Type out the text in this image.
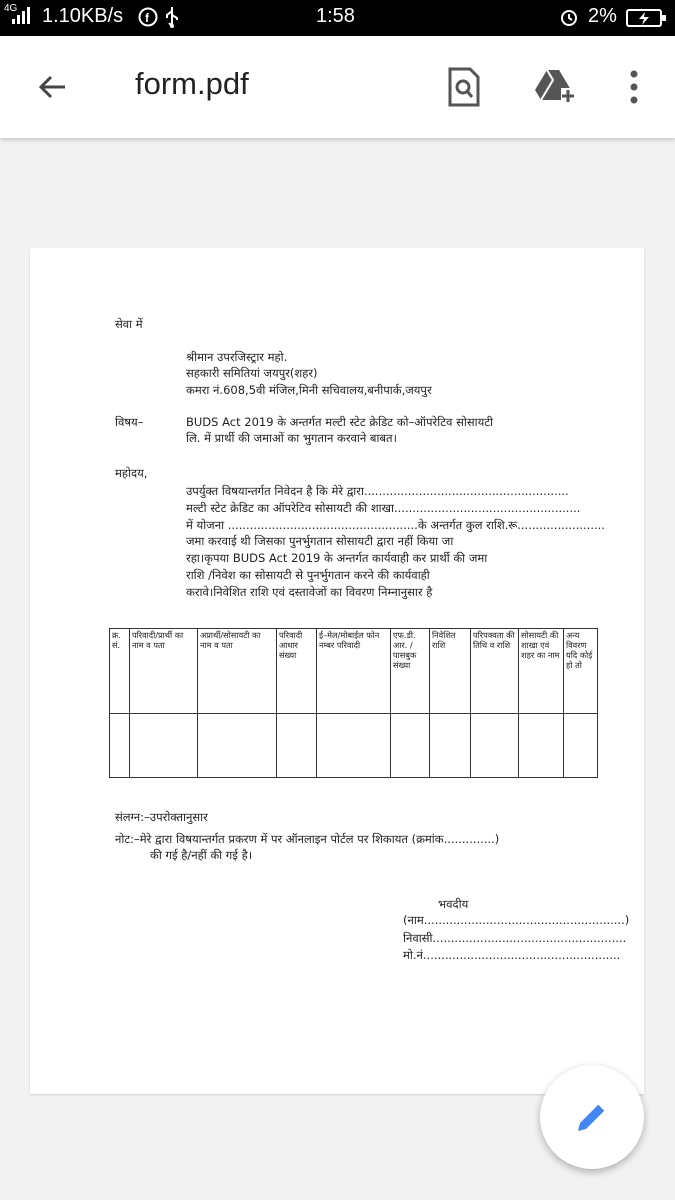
4G 1.10KB/s f	1:58	2%
form.pdf
सेवा में
श्रीमान उपरजिस्ट्रार महो.
सहकारी समितियां जयपुर(शहर)
कमरा नं.608,5वी मंजिल,मिनी सचिवालय,बनीपार्क,जयपुर
विषय–	BUDS Act 2019 के अन्तर्गत मल्टी स्टेट क्रेडिट को–ऑपरेटिव सोसायटी
लि. में प्रार्थी की जमाओं का भुगतान करवाने बाबत।
महोदय,
उपर्युक्त विषयान्तर्गत निवेदन है कि मेरे द्वारा........................................................
मल्टी स्टेट क्रेडिट का ऑपरेटिव सोसायटी की शाखा...................................................
में योजना ....................................................के अन्तर्गत कुल राशि.रू........................
जमा करवाई थी जिसका पुनर्भुगतान सोसायटी द्वारा नहीं किया जा
रहा।कृपया BUDS Act 2019 के अन्तर्गत कार्यवाही कर प्रार्थी की जमा
राशि /निवेश का सोसायटी से पुनर्भुगतान करने की कार्यवाही
करावे।निवेशित राशि एवं दस्तावेजों का विवरण निम्नानुसार है
क्र. सं.	परिवादी/प्रार्थी का नाम व पता	अप्रार्थी/सोसायटी का नाम व पता	परिवादी आधार संख्या	ई–मेल/मोबाईल फोन नम्बर परिवादी	एफ.डी. आर. / पासबुक संख्या	निवेशित राशि	परिपक्वता की तिथि व राशि	सोसायटी की शाखा एवं शहर का नाम	अन्य विवरण यदि कोई हो तो

संलग्न:–उपरोक्तानुसार
नोट:–मेरे द्वारा विषयान्तर्गत प्रकरण में पर ऑनलाइन पोर्टल पर शिकायत (क्रमांक..............)
की गई है/नहीं की गई है।
भवदीय
(नाम.......................................................)
निवासी.....................................................
मो.नं......................................................
